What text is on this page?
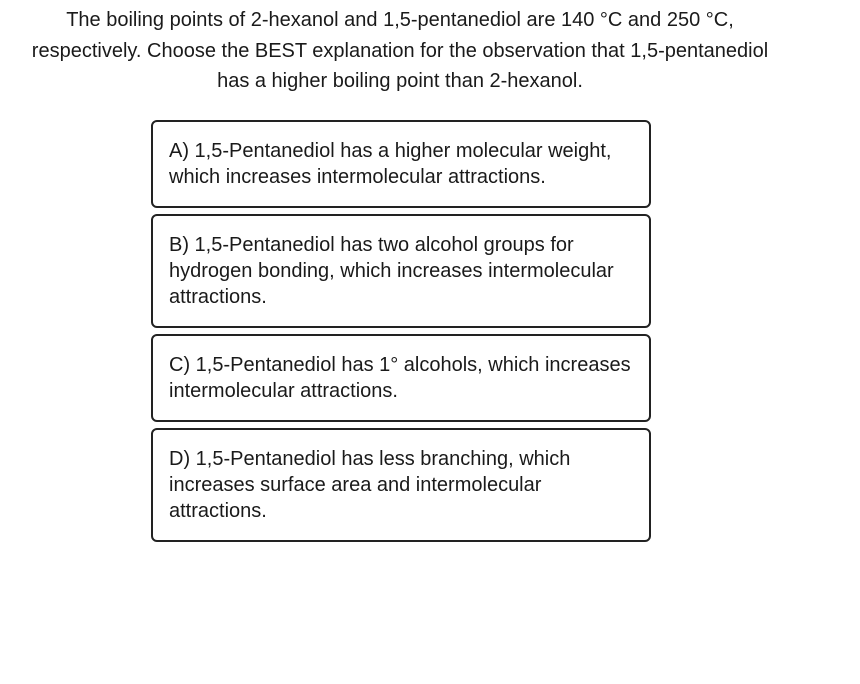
The boiling points of 2-hexanol and 1,5-pentanediol are 140 °C and 250 °C, respectively. Choose the BEST explanation for the observation that 1,5-pentanediol has a higher boiling point than 2-hexanol.

A) 1,5-Pentanediol has a higher molecular weight, which increases intermolecular attractions.
B) 1,5-Pentanediol has two alcohol groups for hydrogen bonding, which increases intermolecular attractions.
C) 1,5-Pentanediol has 1° alcohols, which increases intermolecular attractions.
D) 1,5-Pentanediol has less branching, which increases surface area and intermolecular attractions.
